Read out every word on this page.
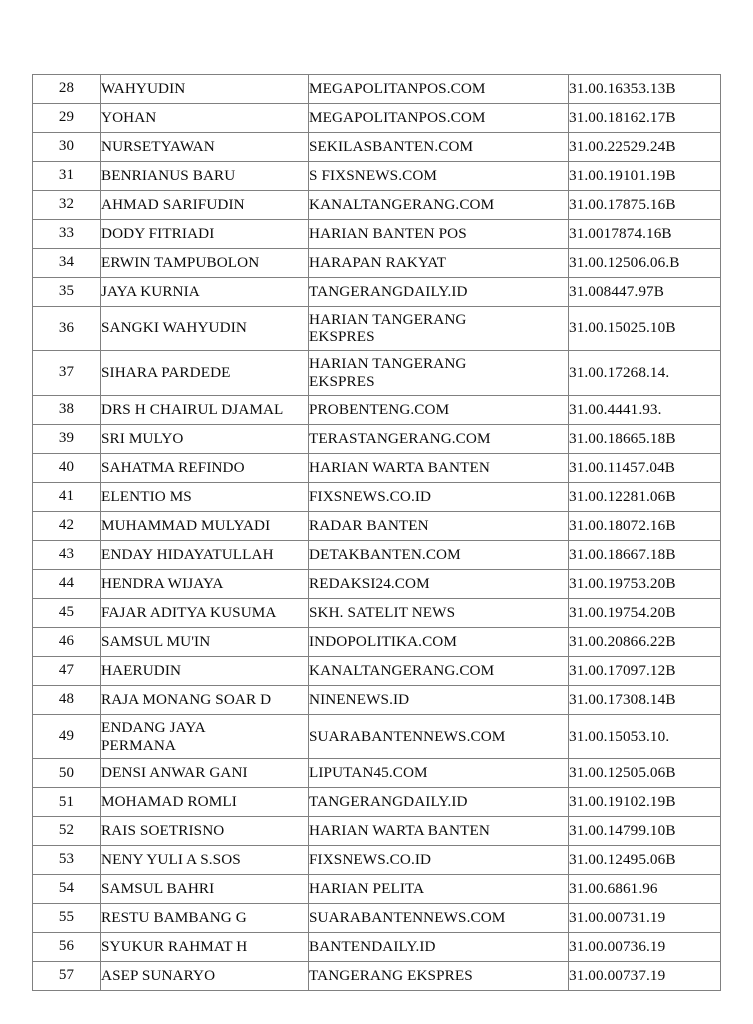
28	WAHYUDIN	MEGAPOLITANPOS.COM	31.00.16353.13B
29	YOHAN	MEGAPOLITANPOS.COM	31.00.18162.17B
30	NURSETYAWAN	SEKILASBANTEN.COM	31.00.22529.24B
31	BENRIANUS BARU	S FIXSNEWS.COM	31.00.19101.19B
32	AHMAD SARIFUDIN	KANALTANGERANG.COM	31.00.17875.16B
33	DODY FITRIADI	HARIAN BANTEN POS	31.0017874.16B
34	ERWIN TAMPUBOLON	HARAPAN RAKYAT	31.00.12506.06.B
35	JAYA KURNIA	TANGERANGDAILY.ID	31.008447.97B
36	SANGKI WAHYUDIN	HARIAN TANGERANG
EKSPRES	31.00.15025.10B
37	SIHARA PARDEDE	HARIAN TANGERANG
EKSPRES	31.00.17268.14.
38	DRS H CHAIRUL DJAMAL	PROBENTENG.COM	31.00.4441.93.
39	SRI MULYO	TERASTANGERANG.COM	31.00.18665.18B
40	SAHATMA REFINDO	HARIAN WARTA BANTEN	31.00.11457.04B
41	ELENTIO MS	FIXSNEWS.CO.ID	31.00.12281.06B
42	MUHAMMAD MULYADI	RADAR BANTEN	31.00.18072.16B
43	ENDAY HIDAYATULLAH	DETAKBANTEN.COM	31.00.18667.18B
44	HENDRA WIJAYA	REDAKSI24.COM	31.00.19753.20B
45	FAJAR ADITYA KUSUMA	SKH. SATELIT NEWS	31.00.19754.20B
46	SAMSUL MU'IN	INDOPOLITIKA.COM	31.00.20866.22B
47	HAERUDIN	KANALTANGERANG.COM	31.00.17097.12B
48	RAJA MONANG SOAR D	NINENEWS.ID	31.00.17308.14B
49	ENDANG JAYA
PERMANA	SUARABANTENNEWS.COM	31.00.15053.10.
50	DENSI ANWAR GANI	LIPUTAN45.COM	31.00.12505.06B
51	MOHAMAD ROMLI	TANGERANGDAILY.ID	31.00.19102.19B
52	RAIS SOETRISNO	HARIAN WARTA BANTEN	31.00.14799.10B
53	NENY YULI A S.SOS	FIXSNEWS.CO.ID	31.00.12495.06B
54	SAMSUL BAHRI	HARIAN PELITA	31.00.6861.96
55	RESTU BAMBANG G	SUARABANTENNEWS.COM	31.00.00731.19
56	SYUKUR RAHMAT H	BANTENDAILY.ID	31.00.00736.19
57	ASEP SUNARYO	TANGERANG EKSPRES	31.00.00737.19
